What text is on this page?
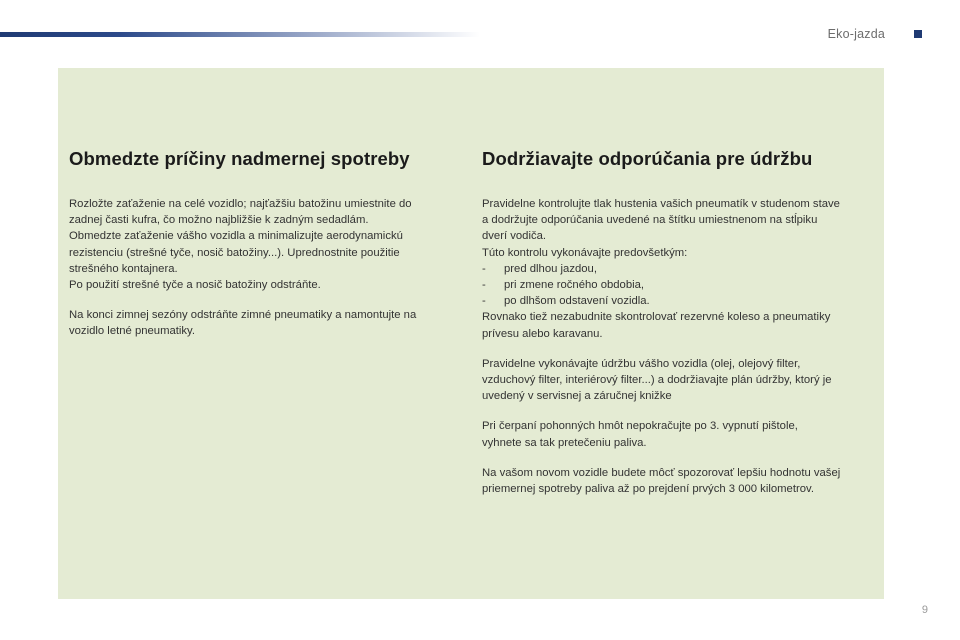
Eko-jazda
Obmedzte príčiny nadmernej spotreby
Rozložte zaťaženie na celé vozidlo; najťažšiu batožinu umiestnite do
zadnej časti kufra, čo možno najbližšie k zadným sedadlám.
Obmedzte zaťaženie vášho vozidla a minimalizujte aerodynamickú
rezistenciu (strešné tyče, nosič batožiny...). Uprednostnite použitie
strešného kontajnera.
Po použití strešné tyče a nosič batožiny odstráňte.
Na konci zimnej sezóny odstráňte zimné pneumatiky a namontujte na
vozidlo letné pneumatiky.
Dodržiavajte odporúčania pre údržbu
Pravidelne kontrolujte tlak hustenia vašich pneumatík v studenom stave
a dodržujte odporúčania uvedené na štítku umiestnenom na stĺpiku
dverí vodiča.
Túto kontrolu vykonávajte predovšetkým:
- pred dlhou jazdou,
- pri zmene ročného obdobia,
- po dlhšom odstavení vozidla.
Rovnako tiež nezabudnite skontrolovať rezervné koleso a pneumatiky
prívesu alebo karavanu.
Pravidelne vykonávajte údržbu vášho vozidla (olej, olejový filter,
vzduchový filter, interiérový filter...) a dodržiavajte plán údržby, ktorý je
uvedený v servisnej a záručnej knižke
Pri čerpaní pohonných hmôt nepokračujte po 3. vypnutí pištole,
vyhnete sa tak pretečeniu paliva.
Na vašom novom vozidle budete môcť spozorovať lepšiu hodnotu vašej
priemernej spotreby paliva až po prejdení prvých 3 000 kilometrov.
9
